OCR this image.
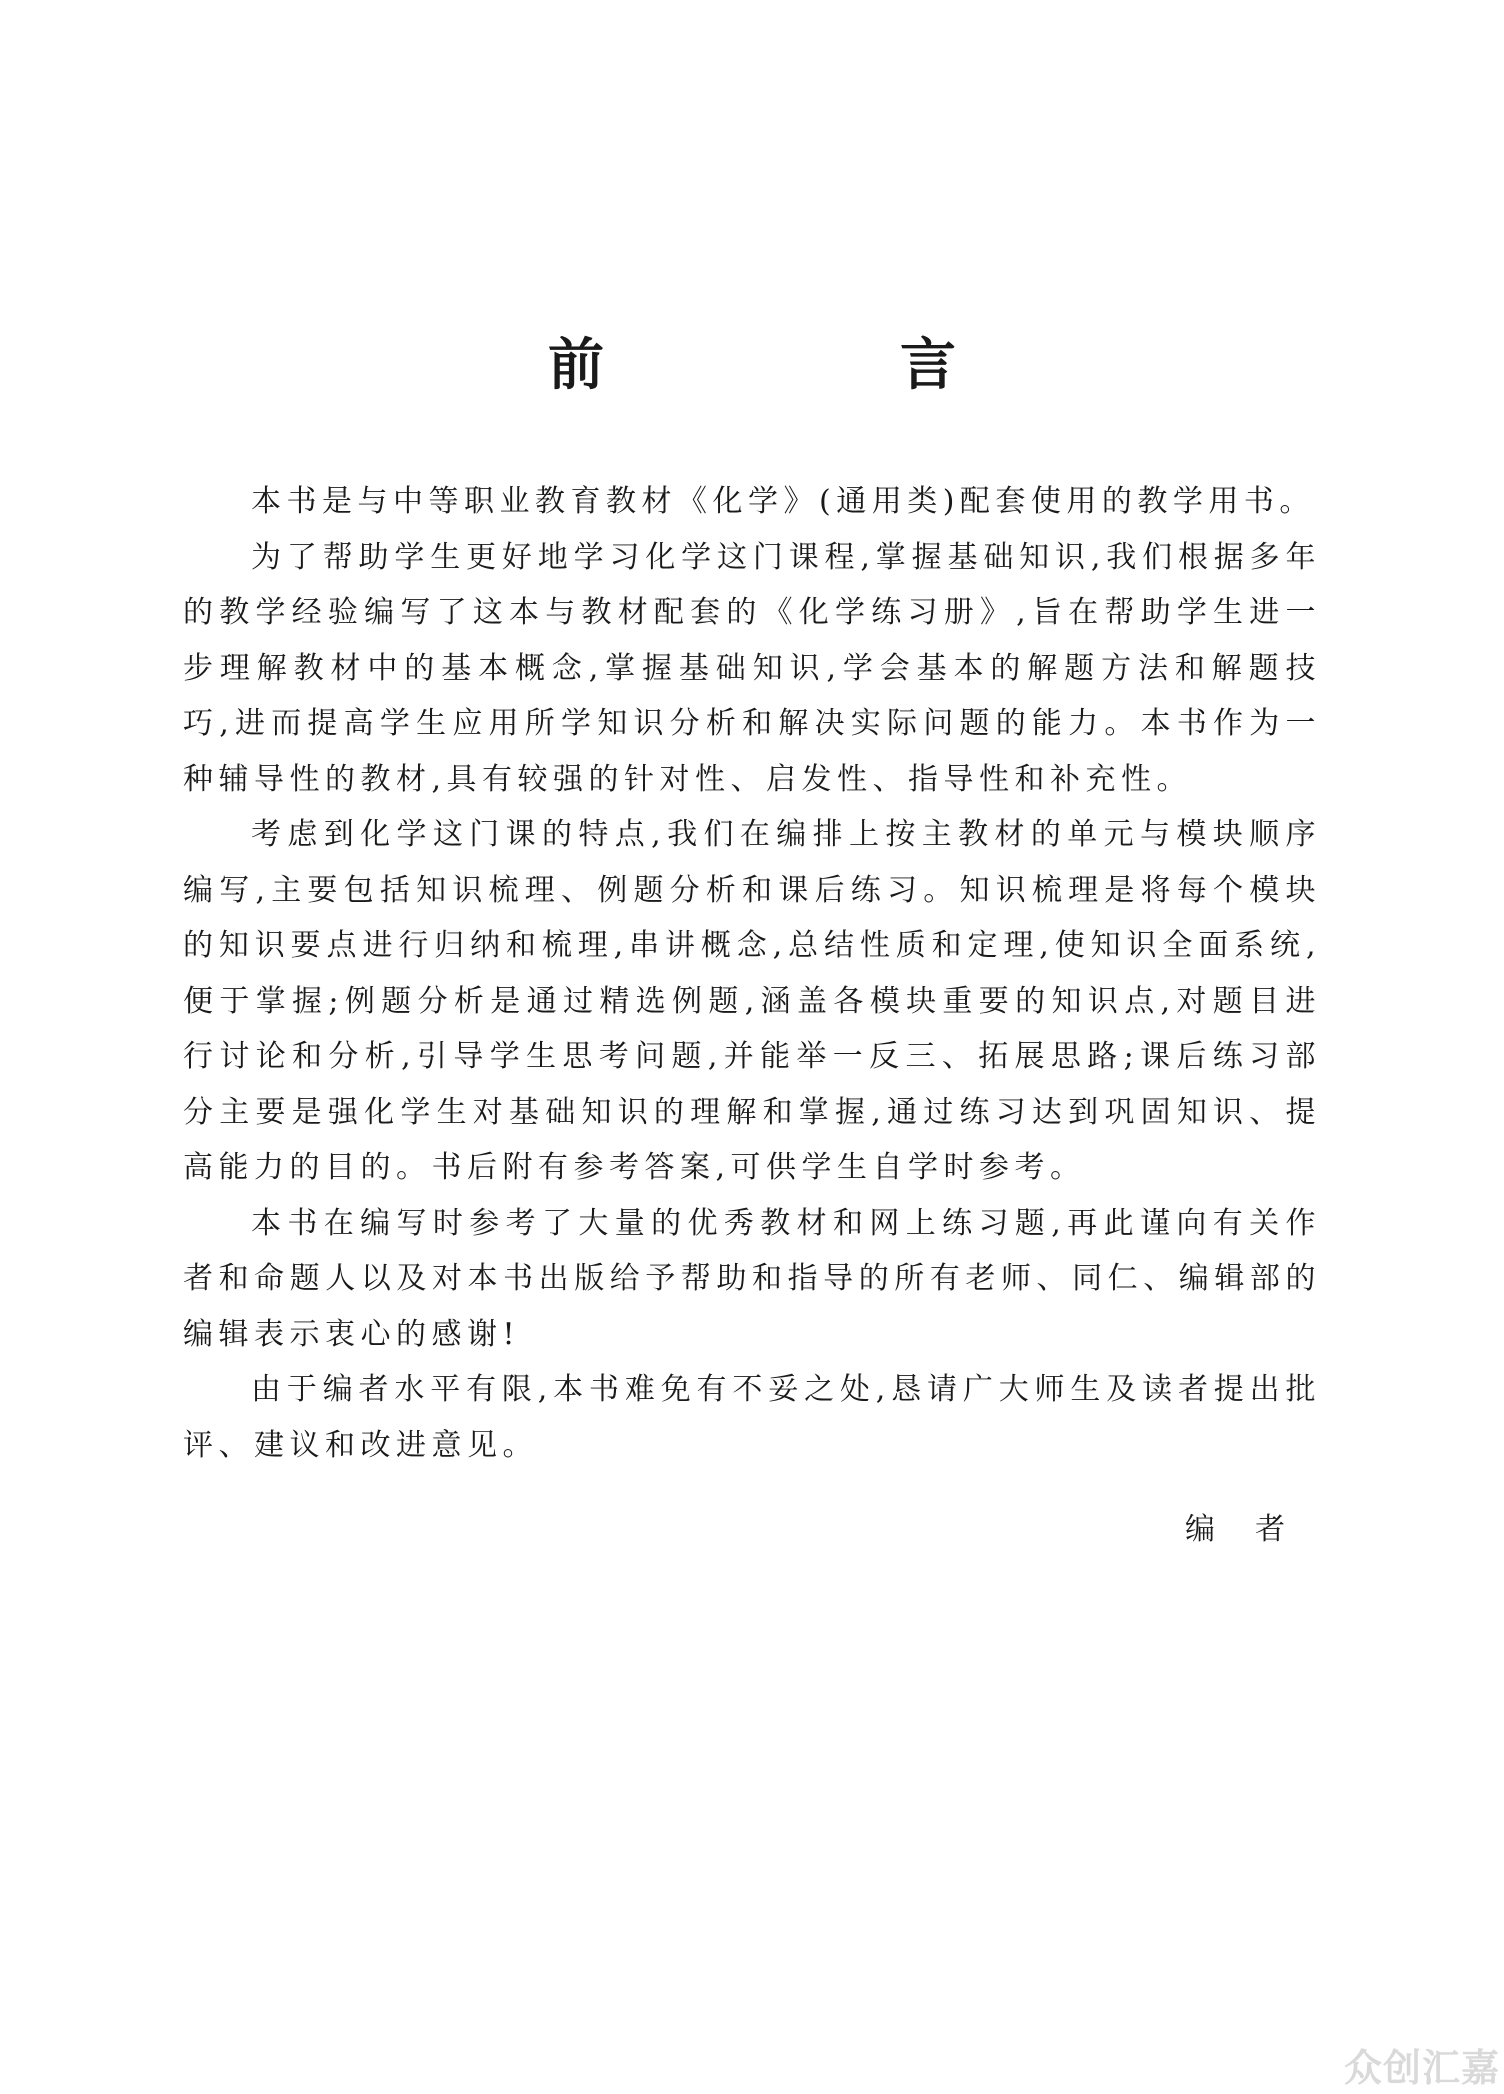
前　言

本书是与中等职业教育教材《化学》(通用类)配套使用的教学用书。

为了帮助学生更好地学习化学这门课程,掌握基础知识,我们根据多年的教学经验编写了这本与教材配套的《化学练习册》,旨在帮助学生进一步理解教材中的基本概念,掌握基础知识,学会基本的解题方法和解题技巧,进而提高学生应用所学知识分析和解决实际问题的能力。本书作为一种辅导性的教材,具有较强的针对性、启发性、指导性和补充性。

考虑到化学这门课的特点,我们在编排上按主教材的单元与模块顺序编写,主要包括知识梳理、例题分析和课后练习。知识梳理是将每个模块的知识要点进行归纳和梳理,串讲概念,总结性质和定理,使知识全面系统,便于掌握;例题分析是通过精选例题,涵盖各模块重要的知识点,对题目进行讨论和分析,引导学生思考问题,并能举一反三、拓展思路;课后练习部分主要是强化学生对基础知识的理解和掌握,通过练习达到巩固知识、提高能力的目的。书后附有参考答案,可供学生自学时参考。

本书在编写时参考了大量的优秀教材和网上练习题,再此谨向有关作者和命题人以及对本书出版给予帮助和指导的所有老师、同仁、编辑部的编辑表示衷心的感谢!

由于编者水平有限,本书难免有不妥之处,恳请广大师生及读者提出批评、建议和改进意见。

编者
众创汇嘉
